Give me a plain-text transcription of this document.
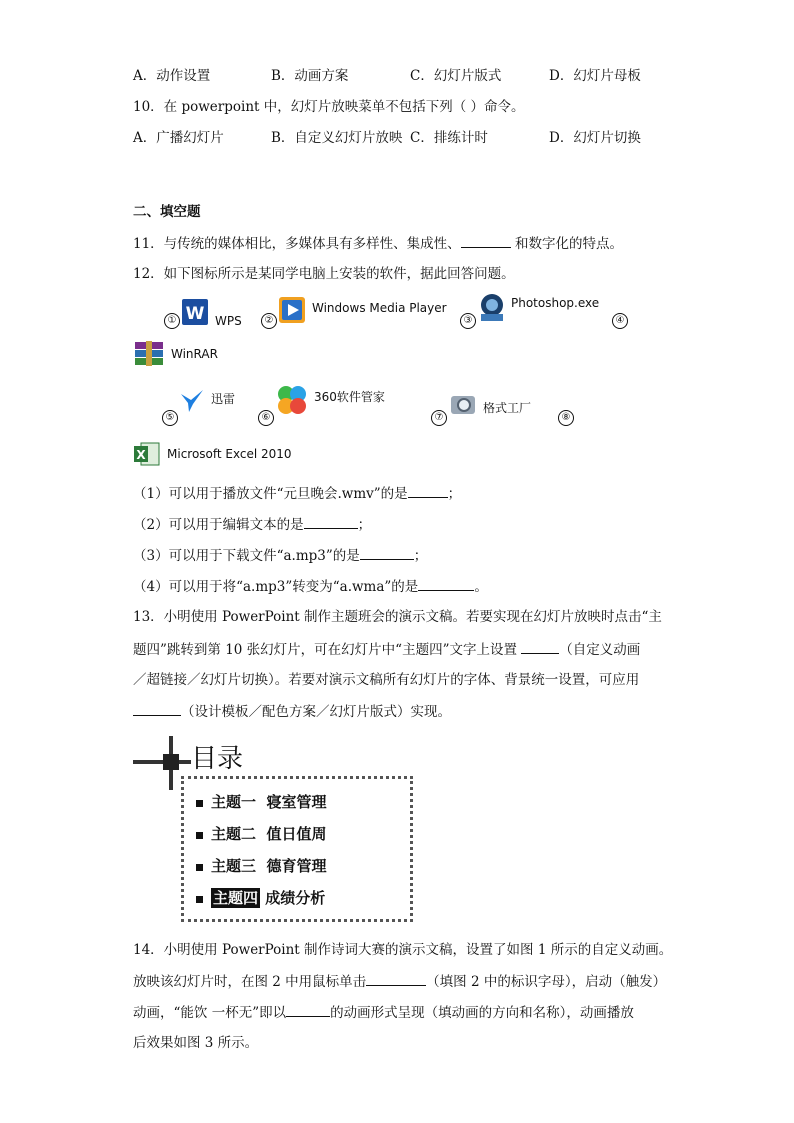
A．动作设置	B．动画方案	C．幻灯片版式	D．幻灯片母板
10．在 powerpoint 中，幻灯片放映菜单不包括下列（ ）命令。
A．广播幻灯片	B．自定义幻灯片放映 C．排练计时	D．幻灯片切换
二、填空题
11．与传统的媒体相比，多媒体具有多样性、集成性、	和数字化的特点。
12．如下图标所示是某同学电脑上安装的软件，据此回答问题。
① W WPS	②
Windows Media Player
③
Photoshop.exe
④
WinRAR
⑤
迅雷
⑥
360软件管家
⑦
格式工厂
⑧
X Microsoft Excel 2010
（1）可以用于播放文件“元旦晚会.wmv”的是	；
（2）可以用于编辑文本的是	；
（3）可以用于下载文件“a.mp3”的是	；
（4）可以用于将“a.mp3”转变为“a.wma”的是	。
13．小明使用 PowerPoint 制作主题班会的演示文稿。若要实现在幻灯片放映时点击“主
题四”跳转到第 10 张幻灯片，可在幻灯片中“主题四”文字上设置	（自定义动画
／超链接／幻灯片切换）。若要对演示文稿所有幻灯片的字体、背景统一设置，可应用
（设计模板／配色方案／幻灯片版式）实现。
目录
主题一 寝室管理
主题二 值日值周
主题三 德育管理
主题四 成绩分析
14．小明使用 PowerPoint 制作诗词大赛的演示文稿，设置了如图 1 所示的自定义动画。
放映该幻灯片时，在图 2 中用鼠标单击	（填图 2 中的标识字母），启动（触发）
动画，“能饮 一杯无”即以	的动画形式呈现（填动画的方向和名称），动画播放
后效果如图 3 所示。
